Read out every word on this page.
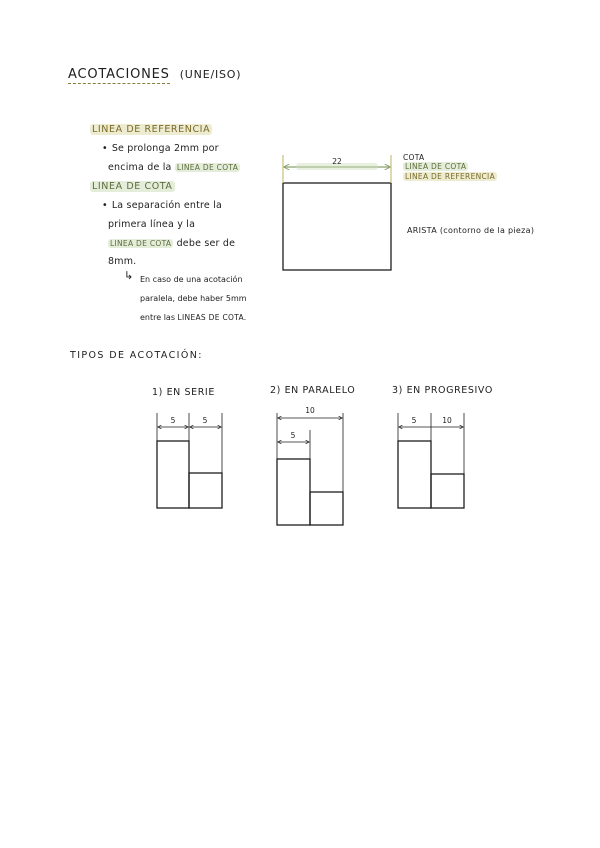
ACOTACIONES (UNE/ISO)
LINEA DE REFERENCIA
• Se prolonga 2mm por
encima de la LINEA DE COTA
LINEA DE COTA
• La separación entre la
primera línea y la
LINEA DE COTA debe ser de
8mm.
↳ En caso de una acotación
paralela, debe haber 5mm
entre las LINEAS DE COTA.
COTA
LINEA DE COTA
LINEA DE REFERENCIA
ARISTA (contorno de la pieza)
TIPOS DE ACOTACIÓN:
1) EN SERIE	2) EN PARALELO	3) EN PROGRESIVO
22
5	5
10
5
5	10
